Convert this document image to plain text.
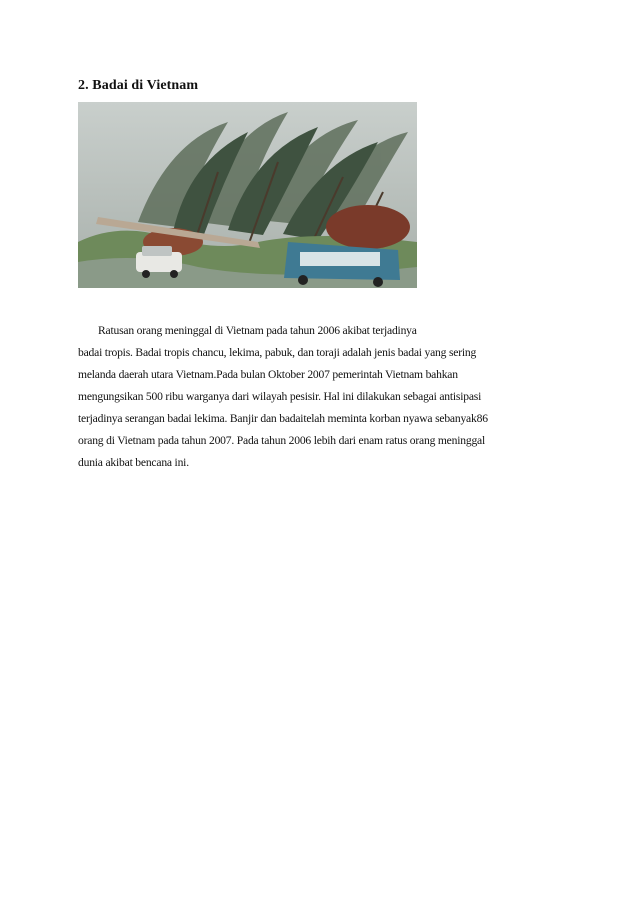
2. Badai di Vietnam
Ratusan orang meninggal di Vietnam pada tahun 2006 akibat terjadinya
badai tropis. Badai tropis chancu, lekima, pabuk, dan toraji adalah jenis badai yang sering
melanda daerah utara Vietnam.Pada bulan Oktober 2007 pemerintah Vietnam bahkan
mengungsikan 500 ribu warganya dari wilayah pesisir. Hal ini dilakukan sebagai antisipasi
terjadinya serangan badai lekima. Banjir dan badaitelah meminta korban nyawa sebanyak86
orang di Vietnam pada tahun 2007. Pada tahun 2006 lebih dari enam ratus orang meninggal
dunia akibat bencana ini.
